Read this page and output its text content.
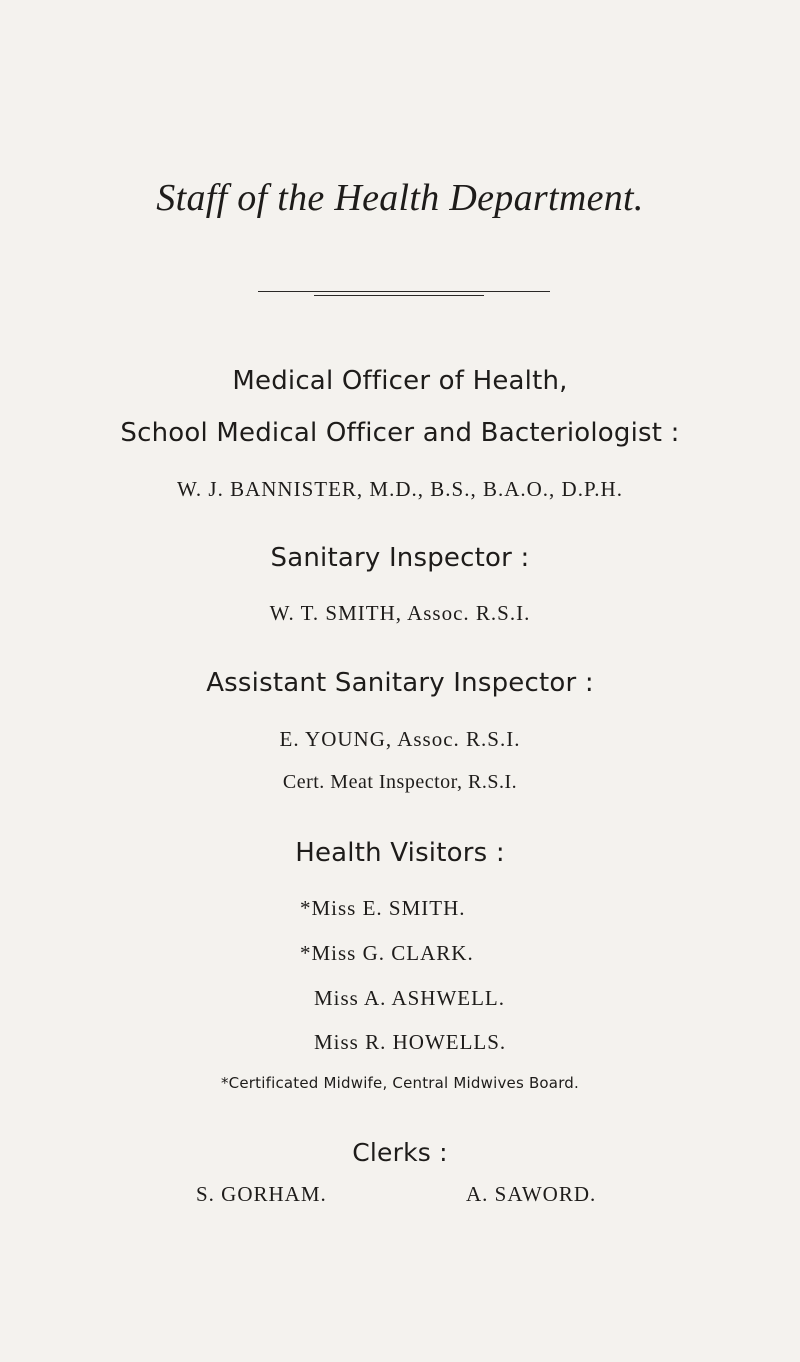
Staff of the Health Department.
Medical Officer of Health,
School Medical Officer and Bacteriologist :
W. J. BANNISTER, M.D., B.S., B.A.O., D.P.H.
Sanitary Inspector :
W. T. SMITH, Assoc. R.S.I.
Assistant Sanitary Inspector :
E. YOUNG, Assoc. R.S.I.
Cert. Meat Inspector, R.S.I.
Health Visitors :
*Miss E. SMITH.
*Miss G. CLARK.
Miss A. ASHWELL.
Miss R. HOWELLS.
*Certificated Midwife, Central Midwives Board.
Clerks :
S. GORHAM.	A. SAWORD.
